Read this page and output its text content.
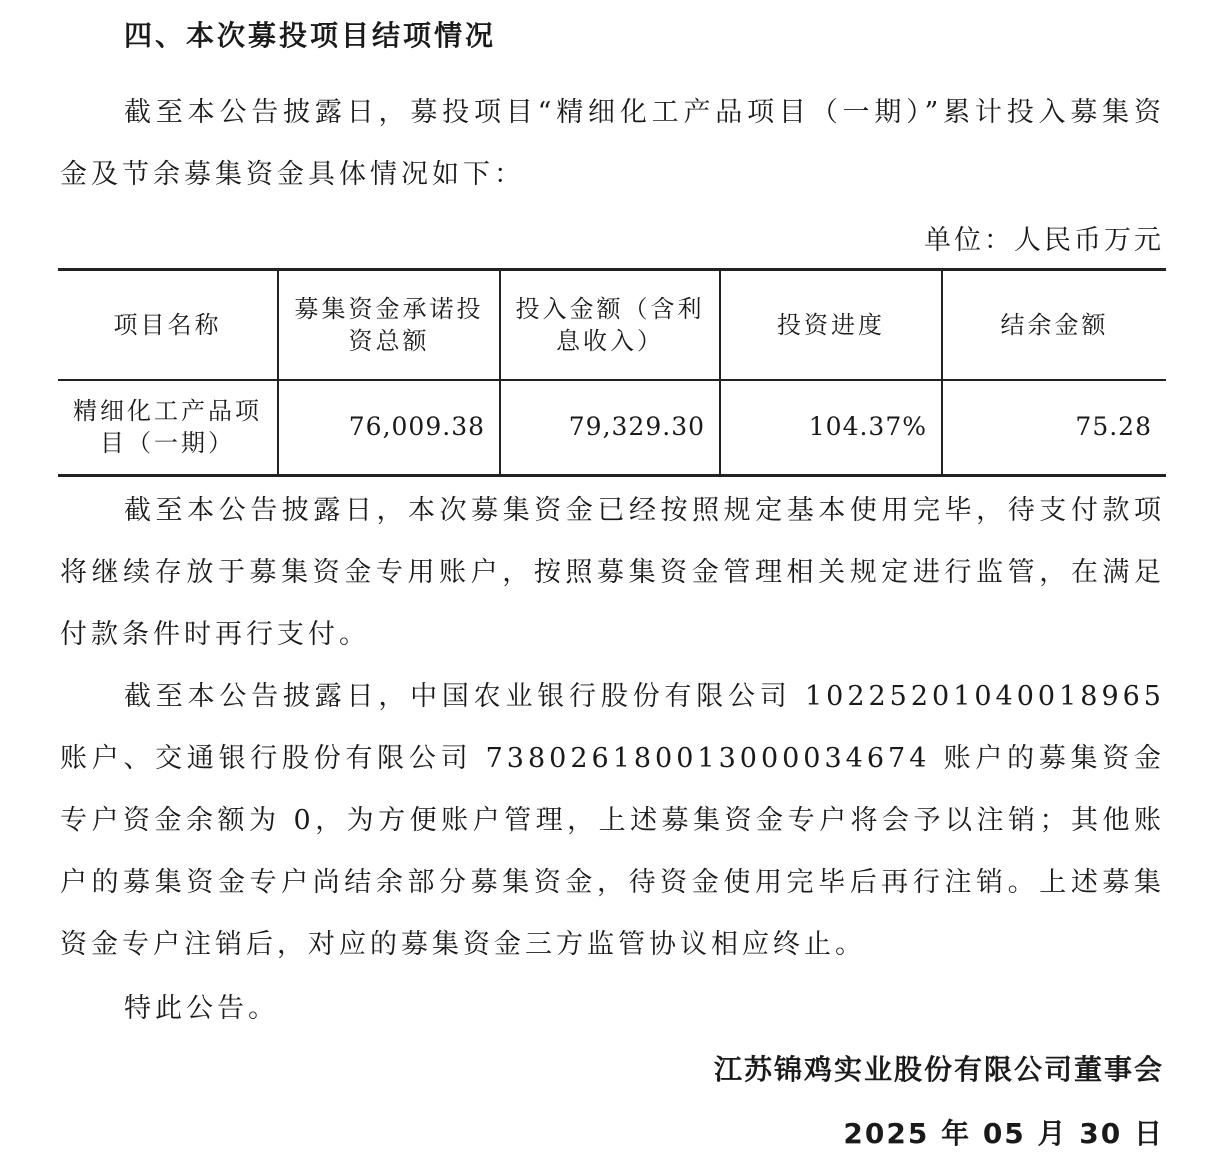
四、本次募投项目结项情况

截至本公告披露日，募投项目“精细化工产品项目（一期）”累计投入募集资金及节余募集资金具体情况如下：

单位：人民币万元

项目名称	募集资金承诺投资总额	投入金额（含利息收入）	投资进度	结余金额
精细化工产品项目（一期）	76,009.38	79,329.30	104.37%	75.28

截至本公告披露日，本次募集资金已经按照规定基本使用完毕，待支付款项将继续存放于募集资金专用账户，按照募集资金管理相关规定进行监管，在满足付款条件时再行支付。

截至本公告披露日，中国农业银行股份有限公司 10225201040018965 账户、交通银行股份有限公司 738026180013000034674 账户的募集资金专户资金余额为 0，为方便账户管理，上述募集资金专户将会予以注销；其他账户的募集资金专户尚结余部分募集资金，待资金使用完毕后再行注销。上述募集资金专户注销后，对应的募集资金三方监管协议相应终止。

特此公告。

江苏锦鸡实业股份有限公司董事会

2025 年 05 月 30 日
